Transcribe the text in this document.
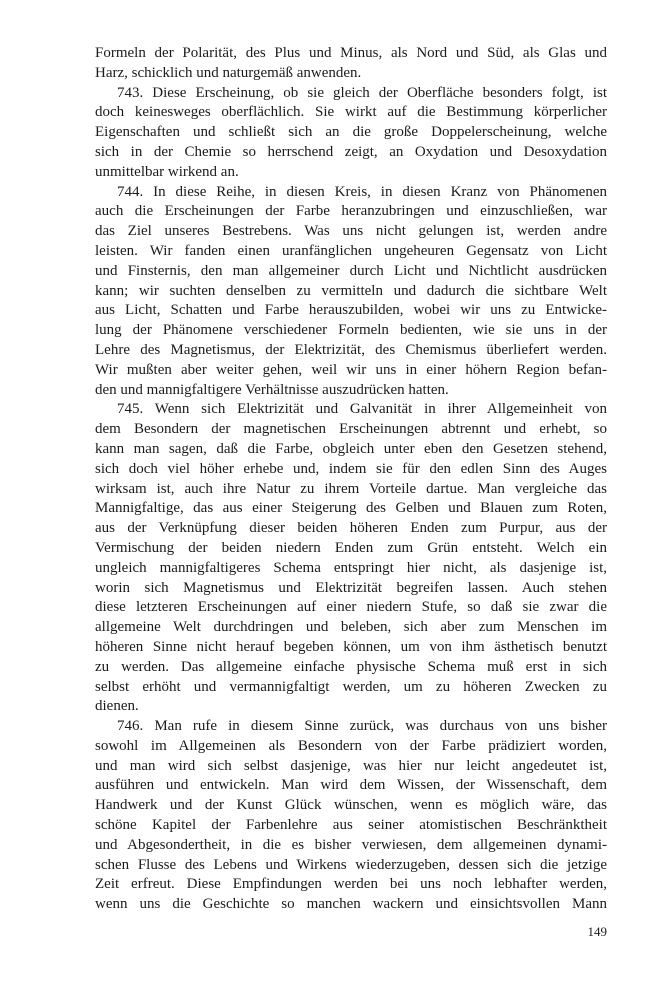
Formeln der Polarität, des Plus und Minus, als Nord und Süd, als Glas und
Harz, schicklich und naturgemäß anwenden.
743. Diese Erscheinung, ob sie gleich der Oberfläche besonders folgt, ist
doch keinesweges oberflächlich. Sie wirkt auf die Bestimmung körperlicher
Eigenschaften und schließt sich an die große Doppelerscheinung, welche
sich in der Chemie so herrschend zeigt, an Oxydation und Desoxydation
unmittelbar wirkend an.
744. In diese Reihe, in diesen Kreis, in diesen Kranz von Phänomenen
auch die Erscheinungen der Farbe heranzubringen und einzuschließen, war
das Ziel unseres Bestrebens. Was uns nicht gelungen ist, werden andre
leisten. Wir fanden einen uranfänglichen ungeheuren Gegensatz von Licht
und Finsternis, den man allgemeiner durch Licht und Nichtlicht ausdrücken
kann; wir suchten denselben zu vermitteln und dadurch die sichtbare Welt
aus Licht, Schatten und Farbe herauszubilden, wobei wir uns zu Entwicke-
lung der Phänomene verschiedener Formeln bedienten, wie sie uns in der
Lehre des Magnetismus, der Elektrizität, des Chemismus überliefert werden.
Wir mußten aber weiter gehen, weil wir uns in einer höhern Region befan-
den und mannigfaltigere Verhältnisse auszudrücken hatten.
745. Wenn sich Elektrizität und Galvanität in ihrer Allgemeinheit von
dem Besondern der magnetischen Erscheinungen abtrennt und erhebt, so
kann man sagen, daß die Farbe, obgleich unter eben den Gesetzen stehend,
sich doch viel höher erhebe und, indem sie für den edlen Sinn des Auges
wirksam ist, auch ihre Natur zu ihrem Vorteile dartue. Man vergleiche das
Mannigfaltige, das aus einer Steigerung des Gelben und Blauen zum Roten,
aus der Verknüpfung dieser beiden höheren Enden zum Purpur, aus der
Vermischung der beiden niedern Enden zum Grün entsteht. Welch ein
ungleich mannigfaltigeres Schema entspringt hier nicht, als dasjenige ist,
worin sich Magnetismus und Elektrizität begreifen lassen. Auch stehen
diese letzteren Erscheinungen auf einer niedern Stufe, so daß sie zwar die
allgemeine Welt durchdringen und beleben, sich aber zum Menschen im
höheren Sinne nicht herauf begeben können, um von ihm ästhetisch benutzt
zu werden. Das allgemeine einfache physische Schema muß erst in sich
selbst erhöht und vermannigfaltigt werden, um zu höheren Zwecken zu
dienen.
746. Man rufe in diesem Sinne zurück, was durchaus von uns bisher
sowohl im Allgemeinen als Besondern von der Farbe prädiziert worden,
und man wird sich selbst dasjenige, was hier nur leicht angedeutet ist,
ausführen und entwickeln. Man wird dem Wissen, der Wissenschaft, dem
Handwerk und der Kunst Glück wünschen, wenn es möglich wäre, das
schöne Kapitel der Farbenlehre aus seiner atomistischen Beschränktheit
und Abgesondertheit, in die es bisher verwiesen, dem allgemeinen dynami-
schen Flusse des Lebens und Wirkens wiederzugeben, dessen sich die jetzige
Zeit erfreut. Diese Empfindungen werden bei uns noch lebhafter werden,
wenn uns die Geschichte so manchen wackern und einsichtsvollen Mann
149
